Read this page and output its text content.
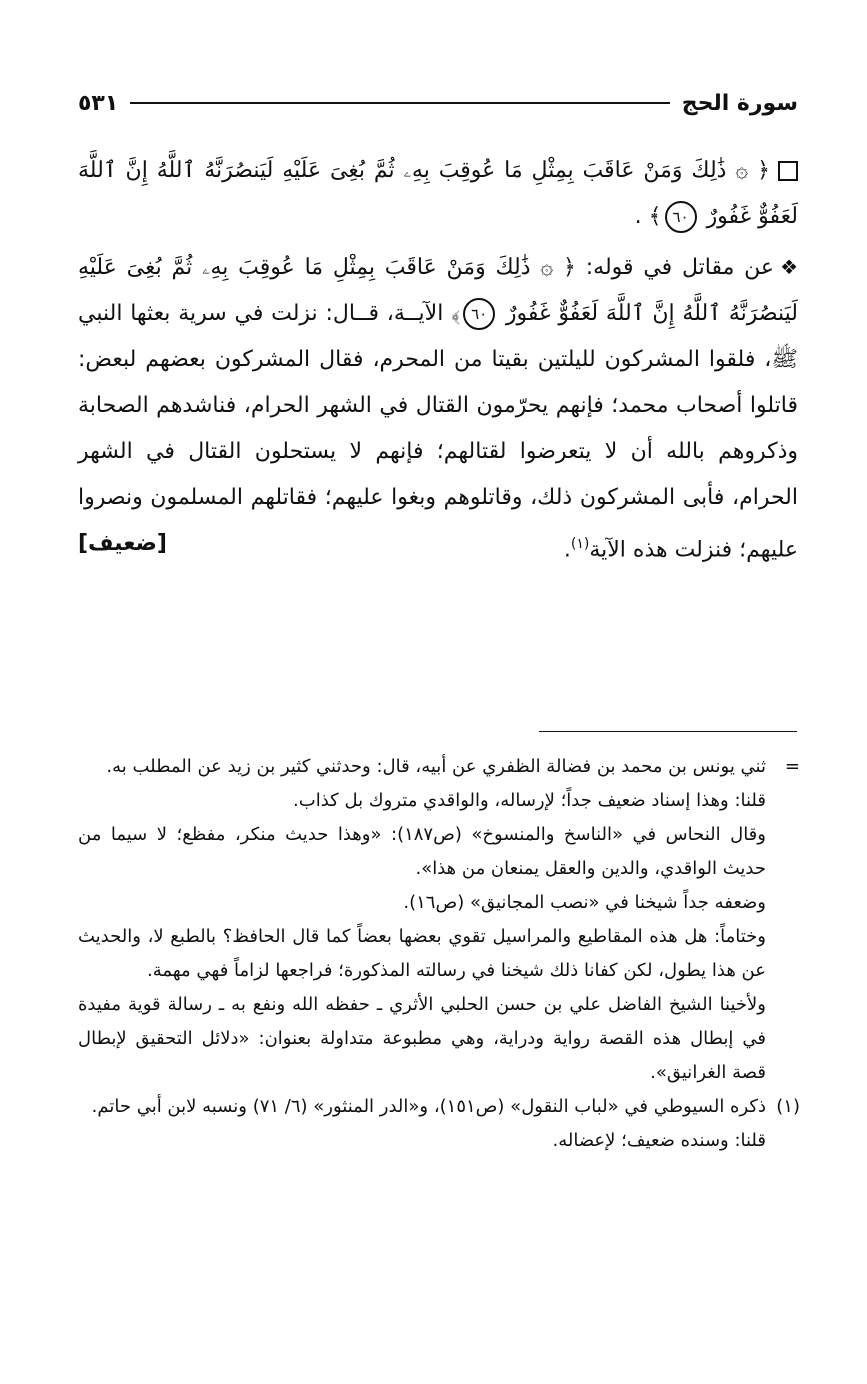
سورة الحج
٥٣١

﴿ ۞ ذَٰلِكَ وَمَنْ عَاقَبَ بِمِثْلِ مَا عُوقِبَ بِهِۦ ثُمَّ بُغِىَ عَلَيْهِ لَيَنصُرَنَّهُ ٱللَّهُ إِنَّ ٱللَّهَ لَعَفُوٌّ غَفُورٌ ٦٠﴾ .

❖عن مقاتل في قوله: ﴿ ۞ ذَٰلِكَ وَمَنْ عَاقَبَ بِمِثْلِ مَا عُوقِبَ بِهِۦ ثُمَّ بُغِىَ عَلَيْهِ لَيَنصُرَنَّهُ ٱللَّهُ إِنَّ ٱللَّهَ لَعَفُوٌّ غَفُورٌ ٦٠﴾ الآيــة، قــال: نزلت في سرية بعثها النبي ﷺ، فلقوا المشركون لليلتين بقيتا من المحرم، فقال المشركون بعضهم لبعض: قاتلوا أصحاب محمد؛ فإنهم يحرّمون القتال في الشهر الحرام، فناشدهم الصحابة وذكروهم بالله أن لا يتعرضوا لقتالهم؛ فإنهم لا يستحلون القتال في الشهر الحرام، فأبى المشركون ذلك، وقاتلوهم وبغوا عليهم؛ فقاتلهم المسلمون ونصروا عليهم؛ فنزلت هذه الآية$^{(١)}$.
[ضعيف]

=

ثني يونس بن محمد بن فضالة الظفري عن أبيه، قال: وحدثني كثير بن زيد عن المطلب به.

قلنا: وهذا إسناد ضعيف جداً؛ لإرساله، والواقدي متروك بل كذاب.

وقال النحاس في «الناسخ والمنسوخ» (ص١٨٧): «وهذا حديث منكر، مفظع؛ لا سيما من حديث الواقدي، والدين والعقل يمنعان من هذا».

وضعفه جداً شيخنا في «نصب المجانيق» (ص١٦).

وختاماً: هل هذه المقاطيع والمراسيل تقوي بعضها بعضاً كما قال الحافظ؟ بالطبع لا، والحديث عن هذا يطول، لكن كفانا ذلك شيخنا في رسالته المذكورة؛ فراجعها لزاماً فهي مهمة.

ولأخينا الشيخ الفاضل علي بن حسن الحلبي الأثري ـ حفظه الله ونفع به ـ رسالة قوية مفيدة في إبطال هذه القصة رواية ودراية، وهي مطبوعة متداولة بعنوان: «دلائل التحقيق لإبطال قصة الغرانيق».

(١)

ذكره السيوطي في «لباب النقول» (ص١٥١)، و«الدر المنثور» (٦/ ٧١) ونسبه لابن أبي حاتم.

قلنا: وسنده ضعيف؛ لإعضاله.
